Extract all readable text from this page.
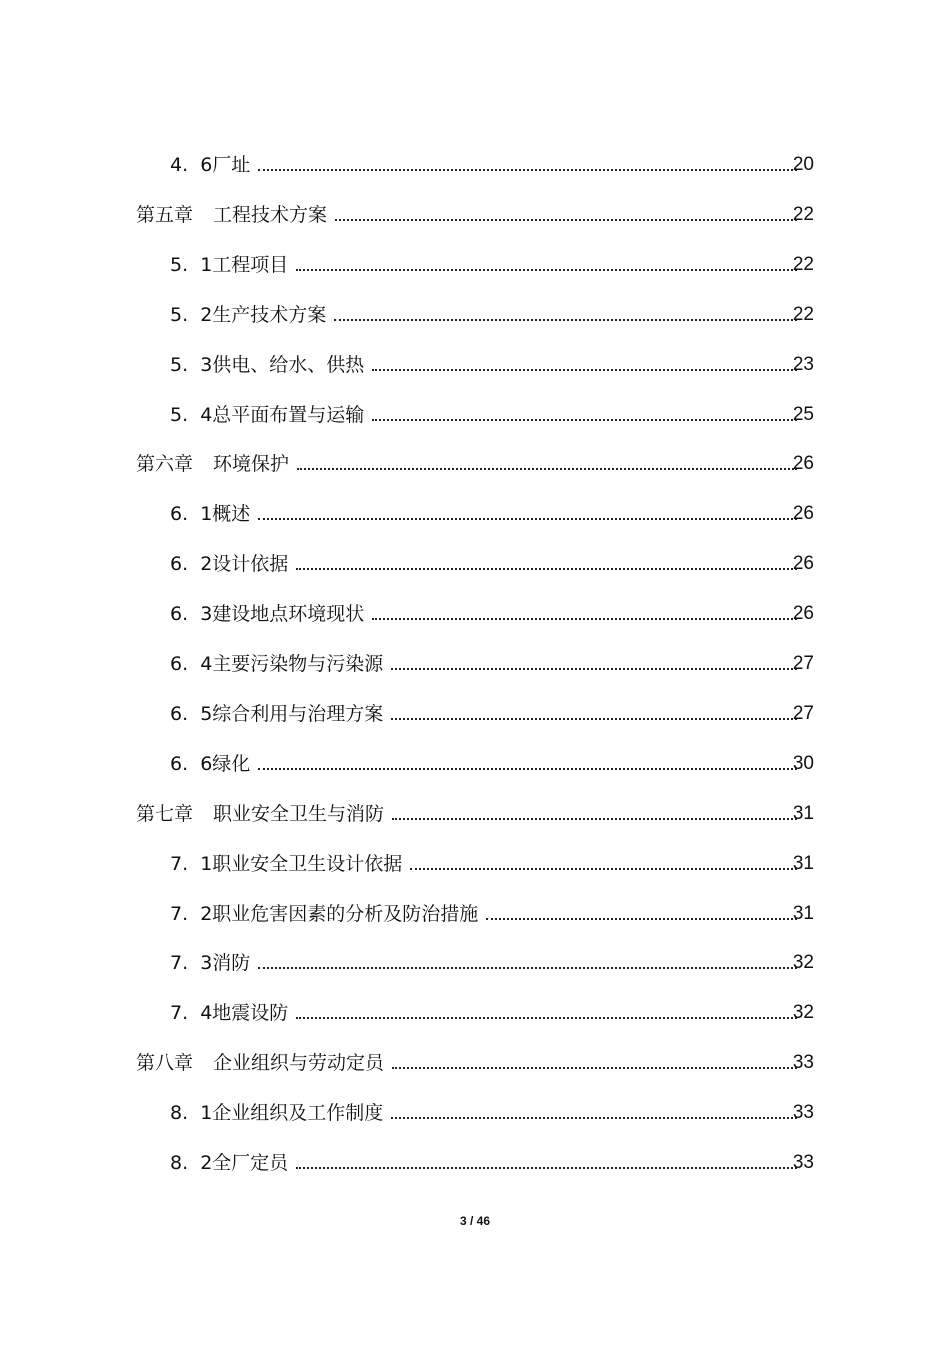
4.  6厂址	20
第五章 工程技术方案	22
5.  1工程项目	22
5.  2生产技术方案	22
5.  3供电、给水、供热	23
5.  4总平面布置与运输	25
第六章 环境保护	26
6.  1概述	26
6.  2设计依据	26
6.  3建设地点环境现状	26
6.  4主要污染物与污染源	27
6.  5综合利用与治理方案	27
6.  6绿化	30
第七章 职业安全卫生与消防	31
7.  1职业安全卫生设计依据	31
7.  2职业危害因素的分析及防治措施	31
7.  3消防	32
7.  4地震设防	32
第八章 企业组织与劳动定员	33
8.  1企业组织及工作制度	33
8.  2全厂定员	33
3 / 46
